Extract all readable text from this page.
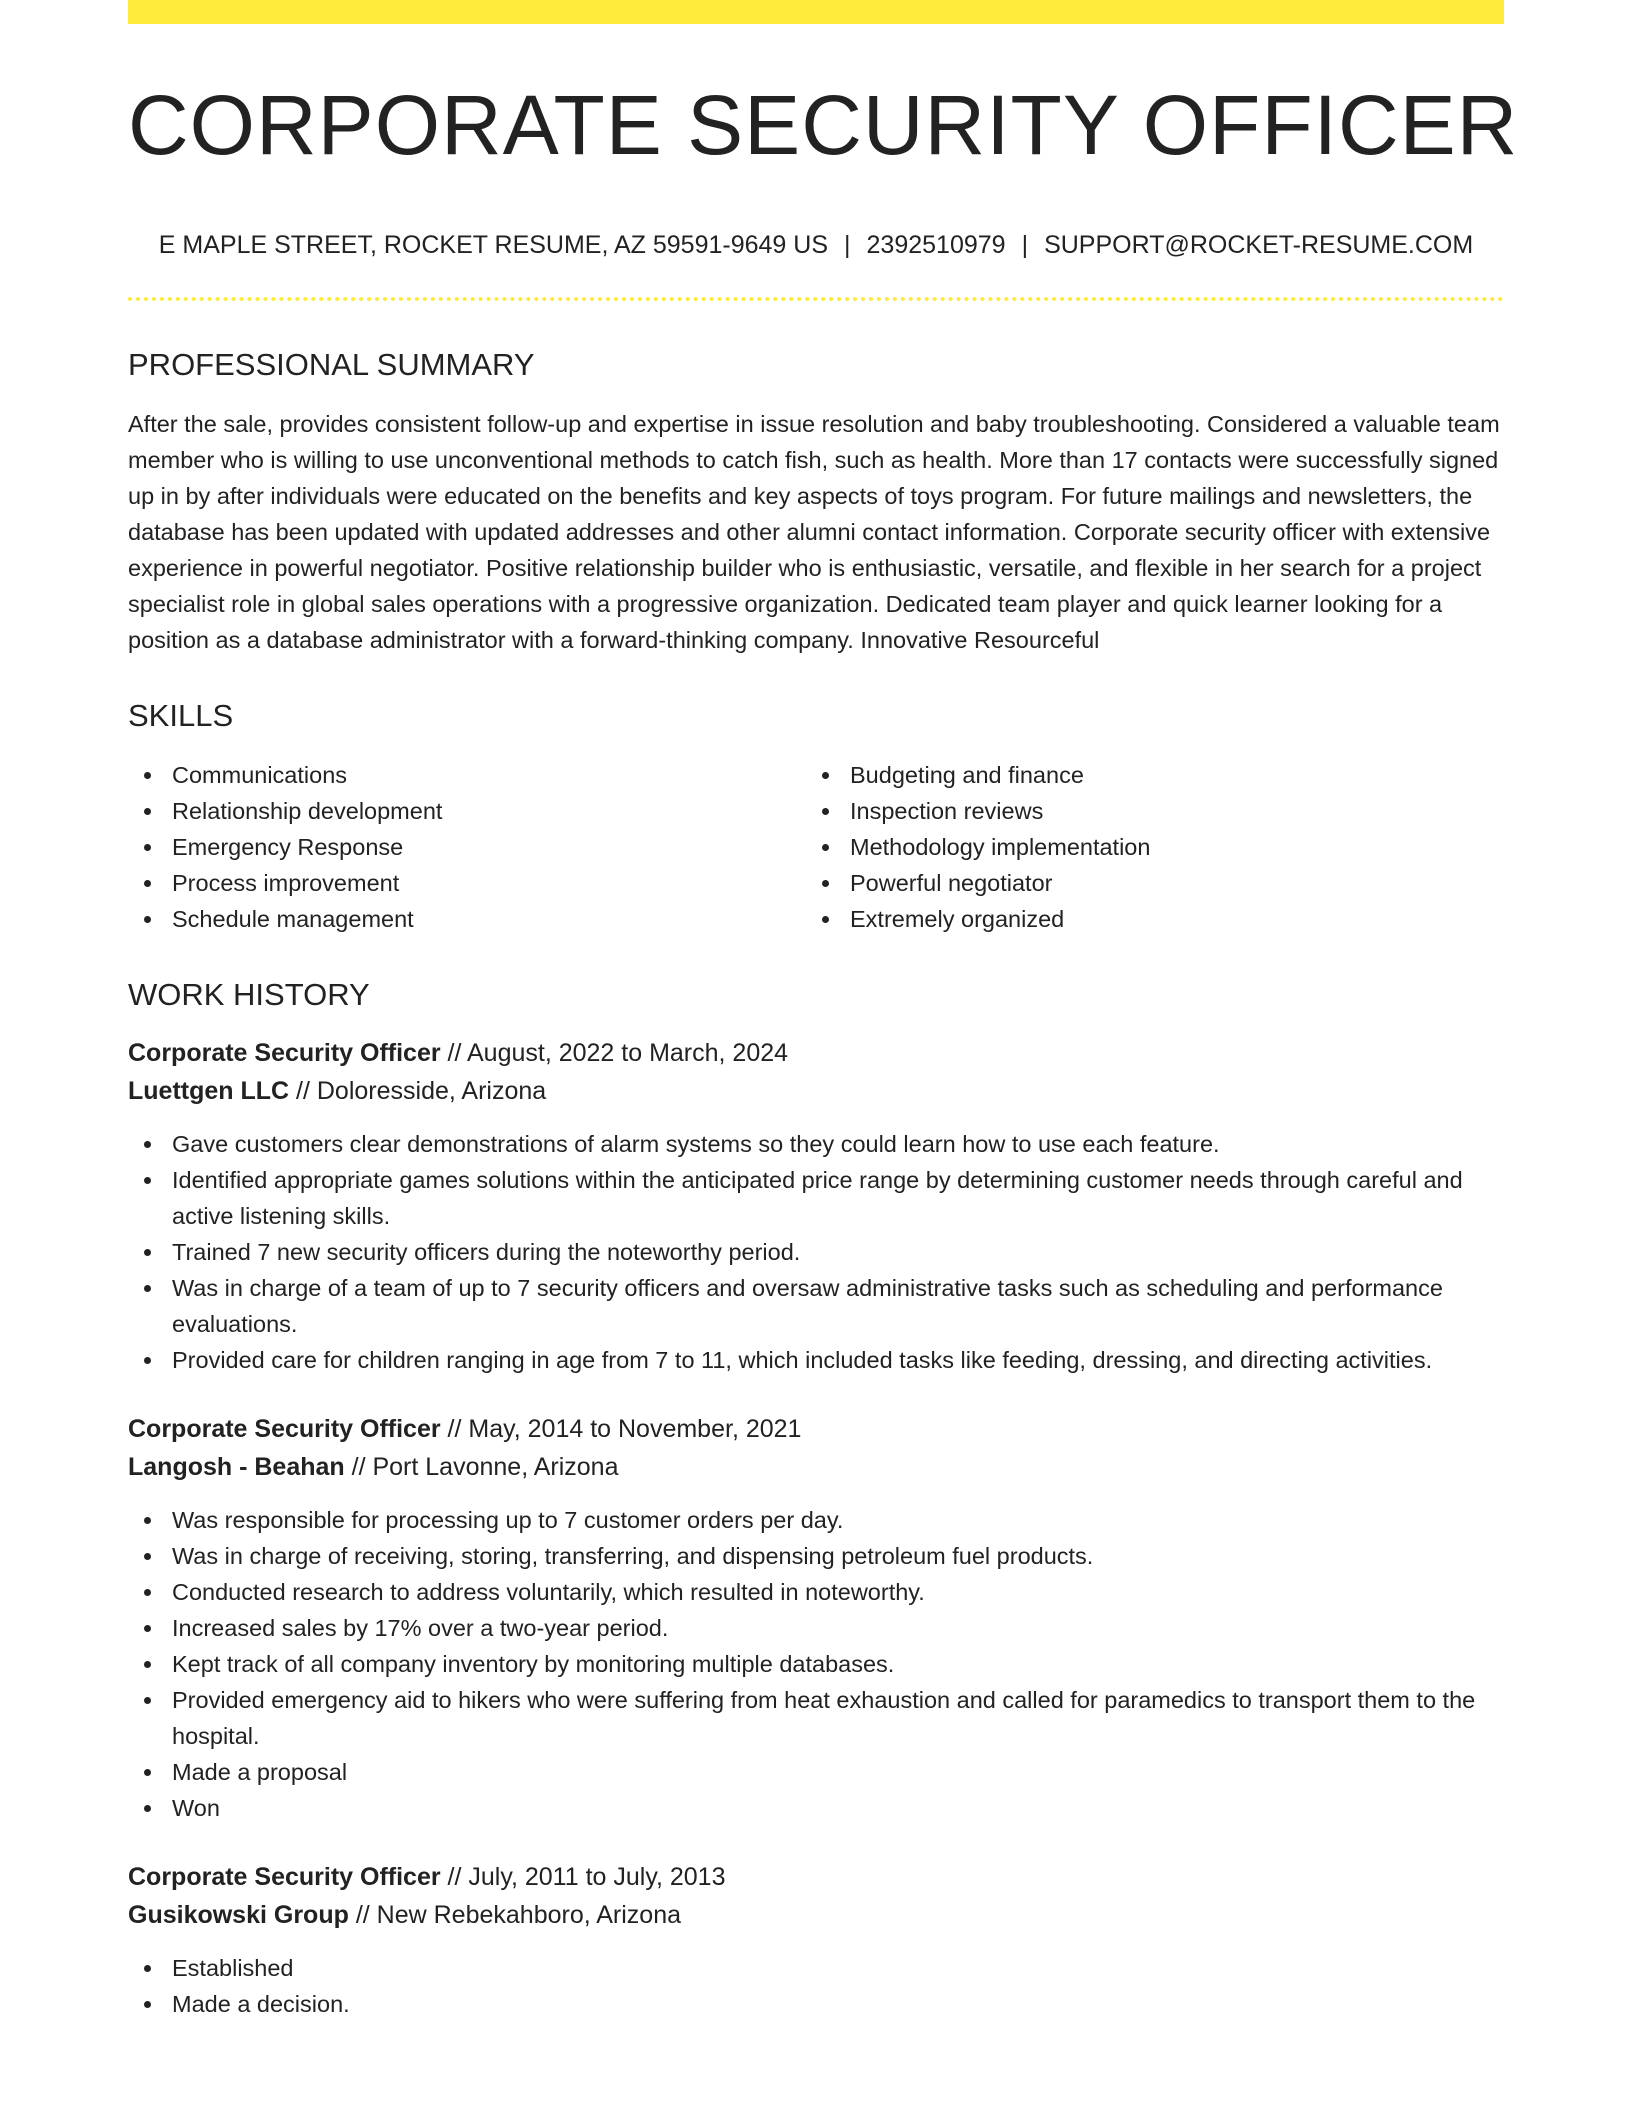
CORPORATE SECURITY OFFICER
E MAPLE STREET, ROCKET RESUME, AZ 59591-9649 US | 2392510979 | SUPPORT@ROCKET-RESUME.COM
PROFESSIONAL SUMMARY

After the sale, provides consistent follow-up and expertise in issue resolution and baby troubleshooting. Considered a valuable team member who is willing to use unconventional methods to catch fish, such as health. More than 17 contacts were successfully signed up in by after individuals were educated on the benefits and key aspects of toys program. For future mailings and newsletters, the database has been updated with updated addresses and other alumni contact information. Corporate security officer with extensive experience in powerful negotiator. Positive relationship builder who is enthusiastic, versatile, and flexible in her search for a project specialist role in global sales operations with a progressive organization. Dedicated team player and quick learner looking for a position as a database administrator with a forward-thinking company. Innovative Resourceful

SKILLS
Communications
Relationship development
Emergency Response
Process improvement
Schedule management
Budgeting and finance
Inspection reviews
Methodology implementation
Powerful negotiator
Extremely organized
WORK HISTORY
Corporate Security Officer // August, 2022 to March, 2024
Luettgen LLC // Doloresside, Arizona
Gave customers clear demonstrations of alarm systems so they could learn how to use each feature.
Identified appropriate games solutions within the anticipated price range by determining customer needs through careful and active listening skills.
Trained 7 new security officers during the noteworthy period.
Was in charge of a team of up to 7 security officers and oversaw administrative tasks such as scheduling and performance evaluations.
Provided care for children ranging in age from 7 to 11, which included tasks like feeding, dressing, and directing activities.
Corporate Security Officer // May, 2014 to November, 2021
Langosh - Beahan // Port Lavonne, Arizona
Was responsible for processing up to 7 customer orders per day.
Was in charge of receiving, storing, transferring, and dispensing petroleum fuel products.
Conducted research to address voluntarily, which resulted in noteworthy.
Increased sales by 17% over a two-year period.
Kept track of all company inventory by monitoring multiple databases.
Provided emergency aid to hikers who were suffering from heat exhaustion and called for paramedics to transport them to the hospital.
Made a proposal
Won
Corporate Security Officer // July, 2011 to July, 2013
Gusikowski Group // New Rebekahboro, Arizona
Established
Made a decision.
